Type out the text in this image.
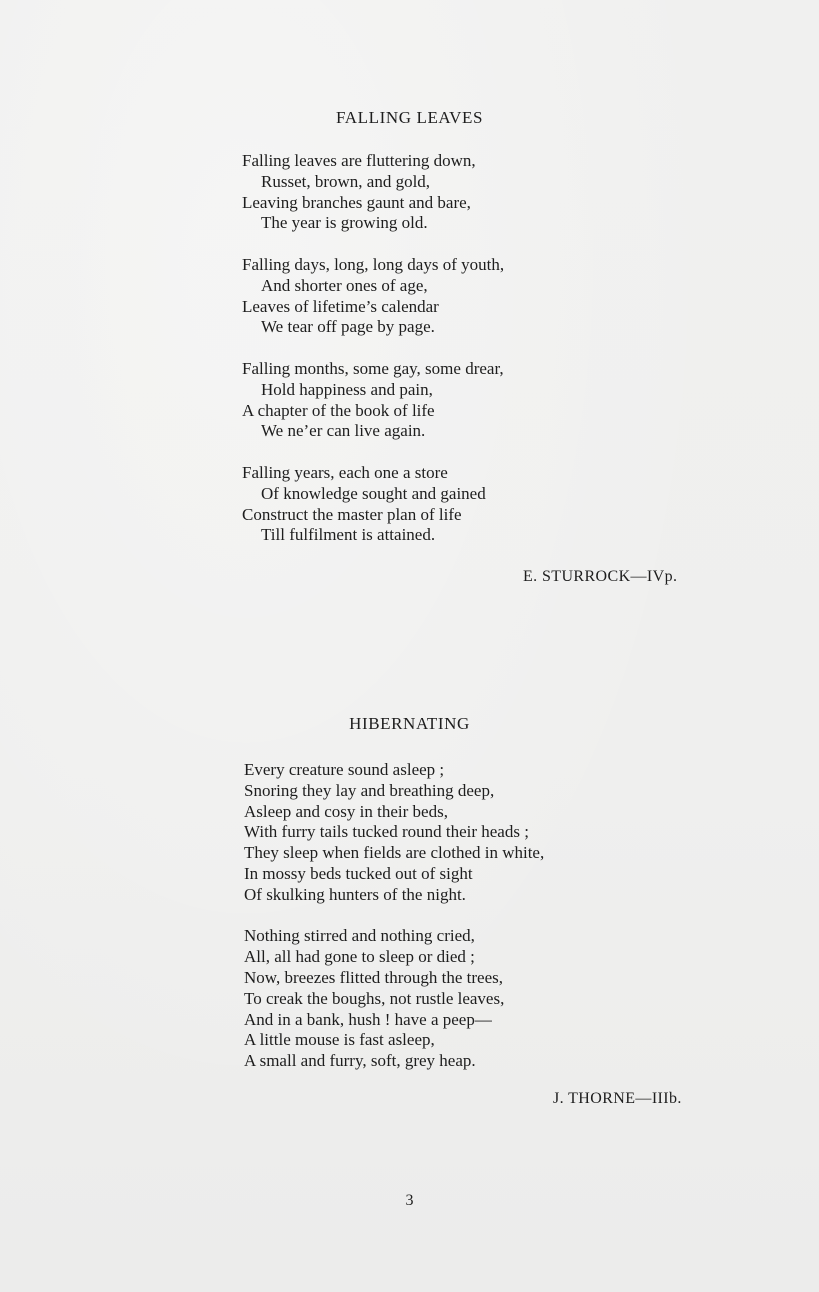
FALLING LEAVES
Falling leaves are fluttering down,
Russet, brown, and gold,
Leaving branches gaunt and bare,
The year is growing old.
Falling days, long, long days of youth,
And shorter ones of age,
Leaves of lifetime’s calendar
We tear off page by page.
Falling months, some gay, some drear,
Hold happiness and pain,
A chapter of the book of life
We ne’er can live again.
Falling years, each one a store
Of knowledge sought and gained
Construct the master plan of life
Till fulfilment is attained.

E. STURROCK—IVp.

HIBERNATING
Every creature sound asleep ;
Snoring they lay and breathing deep,
Asleep and cosy in their beds,
With furry tails tucked round their heads ;
They sleep when fields are clothed in white,
In mossy beds tucked out of sight
Of skulking hunters of the night.
Nothing stirred and nothing cried,
All, all had gone to sleep or died ;
Now, breezes flitted through the trees,
To creak the boughs, not rustle leaves,
And in a bank, hush ! have a peep—
A little mouse is fast asleep,
A small and furry, soft, grey heap.

J. THORNE—IIIb.

3
